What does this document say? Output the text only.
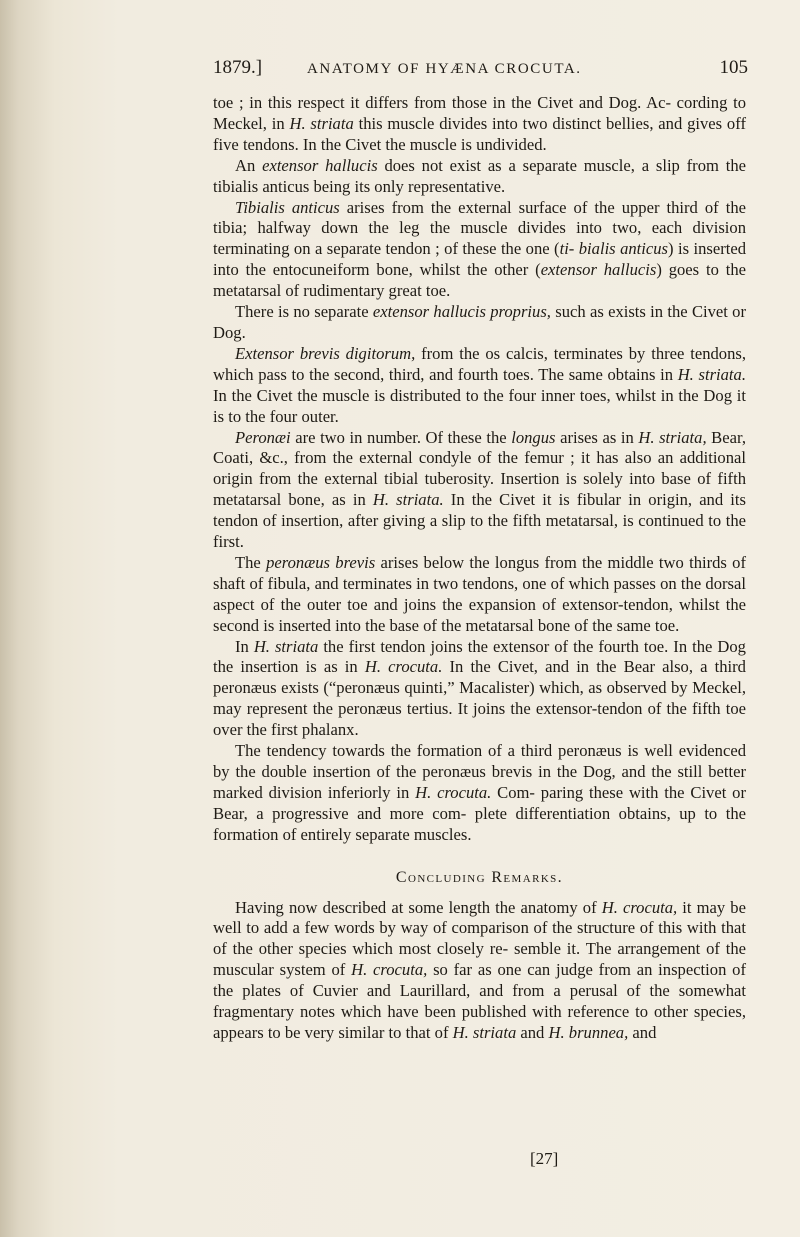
1879.]	ANATOMY OF HYÆNA CROCUTA.	105

toe ; in this respect it differs from those in the Civet and Dog. Ac- cording to Meckel, in H. striata this muscle divides into two distinct bellies, and gives off five tendons. In the Civet the muscle is undivided.

An extensor hallucis does not exist as a separate muscle, a slip from the tibialis anticus being its only representative.

Tibialis anticus arises from the external surface of the upper third of the tibia; halfway down the leg the muscle divides into two, each division terminating on a separate tendon ; of these the one (ti- bialis anticus) is inserted into the entocuneiform bone, whilst the other (extensor hallucis) goes to the metatarsal of rudimentary great toe.

There is no separate extensor hallucis proprius, such as exists in the Civet or Dog.

Extensor brevis digitorum, from the os calcis, terminates by three tendons, which pass to the second, third, and fourth toes. The same obtains in H. striata. In the Civet the muscle is distributed to the four inner toes, whilst in the Dog it is to the four outer.

Peronæi are two in number. Of these the longus arises as in H. striata, Bear, Coati, &c., from the external condyle of the femur ; it has also an additional origin from the external tibial tuberosity. Insertion is solely into base of fifth metatarsal bone, as in H. striata. In the Civet it is fibular in origin, and its tendon of insertion, after giving a slip to the fifth metatarsal, is continued to the first.

The peronæus brevis arises below the longus from the middle two thirds of shaft of fibula, and terminates in two tendons, one of which passes on the dorsal aspect of the outer toe and joins the expansion of extensor-tendon, whilst the second is inserted into the base of the metatarsal bone of the same toe.

In H. striata the first tendon joins the extensor of the fourth toe. In the Dog the insertion is as in H. crocuta. In the Civet, and in the Bear also, a third peronæus exists (“peronæus quinti,” Macalister) which, as observed by Meckel, may represent the peronæus tertius. It joins the extensor-tendon of the fifth toe over the first phalanx.

The tendency towards the formation of a third peronæus is well evidenced by the double insertion of the peronæus brevis in the Dog, and the still better marked division inferiorly in H. crocuta. Com- paring these with the Civet or Bear, a progressive and more com- plete differentiation obtains, up to the formation of entirely separate muscles.

Concluding Remarks.

Having now described at some length the anatomy of H. crocuta, it may be well to add a few words by way of comparison of the structure of this with that of the other species which most closely re- semble it. The arrangement of the muscular system of H. crocuta, so far as one can judge from an inspection of the plates of Cuvier and Laurillard, and from a perusal of the somewhat fragmentary notes which have been published with reference to other species, appears to be very similar to that of H. striata and H. brunnea, and

[27]
